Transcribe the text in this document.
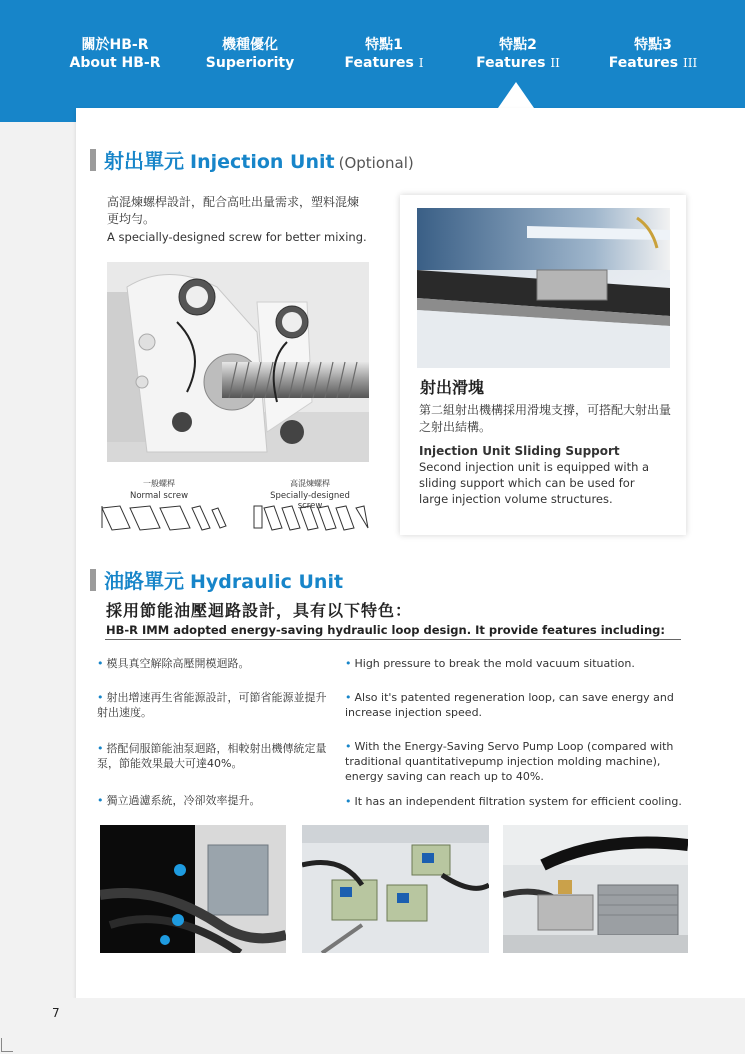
關於HB-R
About HB-R
機種優化
Superiority
特點1
Features I
特點2
Features II
特點3
Features III
射出單元 Injection Unit (Optional)
高混煉螺桿設計，配合高吐出量需求，塑料混煉更均勻。
A specially-designed screw for better mixing.
一般螺桿
Normal screw
高混煉螺桿
Specially-designed screw
射出滑塊
第二組射出機構採用滑塊支撐，可搭配大射出量之射出結構。
Injection Unit Sliding Support
Second injection unit is equipped with a sliding support which can be used for large injection volume structures.
油路單元 Hydraulic Unit
採用節能油壓迴路設計，具有以下特色：
HB-R IMM adopted energy-saving hydraulic loop design. It provide features including:
• 模具真空解除高壓開模迴路。
• 射出增速再生省能源設計，可節省能源並提升射出速度。
• 搭配伺服節能油泵迴路，相較射出機傳統定量泵，節能效果最大可達40%。
• 獨立過濾系統，冷卻效率提升。
• High pressure to break the mold vacuum situation.
• Also it's patented regeneration loop, can save energy and increase injection speed.
• With the Energy-Saving Servo Pump Loop (compared with traditional quantitativepump injection molding machine), energy saving can reach up to 40%.
• It has an independent filtration system for efficient cooling.
7
